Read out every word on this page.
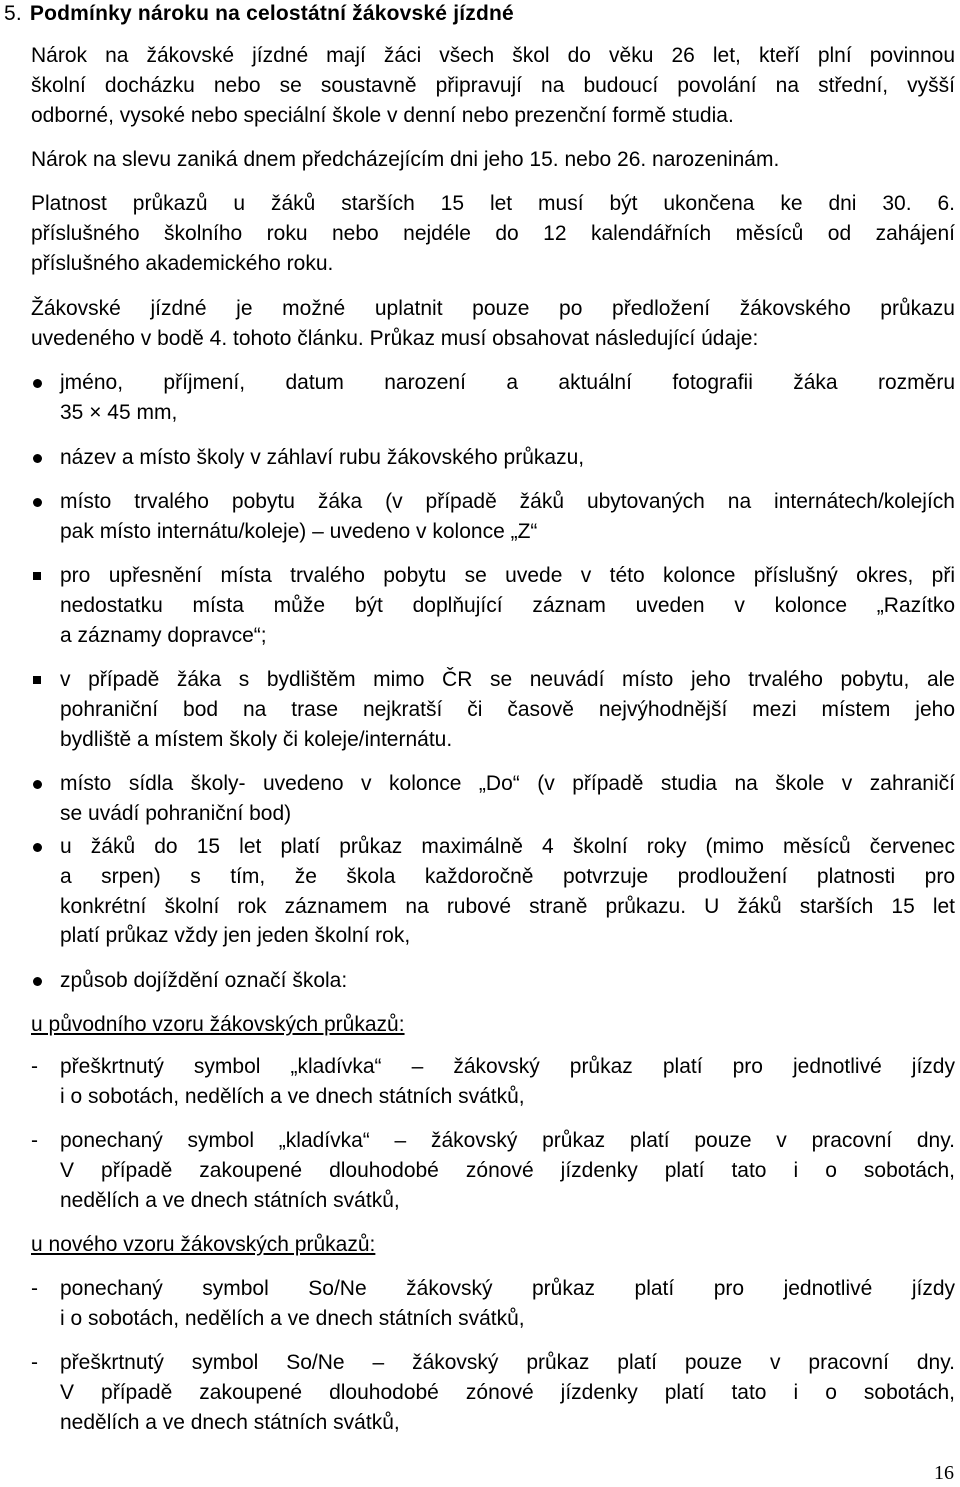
5. Podmínky nároku na celostátní žákovské jízdné
Nárok na žákovské jízdné mají žáci všech škol do věku 26 let, kteří plní povinnou
školní docházku nebo se soustavně připravují na budoucí povolání na střední, vyšší
odborné, vysoké nebo speciální škole v denní nebo prezenční formě studia.
Nárok na slevu zaniká dnem předcházejícím dni jeho 15. nebo 26. narozeninám.
Platnost průkazů u žáků starších 15 let musí být ukončena ke dni 30. 6.
příslušného školního roku nebo nejdéle do 12 kalendářních měsíců od zahájení
příslušného akademického roku.
Žákovské jízdné je možné uplatnit pouze po předložení žákovského průkazu
uvedeného v bodě 4. tohoto článku. Průkaz musí obsahovat následující údaje:
jméno, příjmení, datum narození a aktuální fotografii žáka rozměru
35 × 45 mm,
název a místo školy v záhlaví rubu žákovského průkazu,
místo trvalého pobytu žáka (v případě žáků ubytovaných na internátech/kolejích
pak místo internátu/koleje) – uvedeno v kolonce „Z“
pro upřesnění místa trvalého pobytu se uvede v této kolonce příslušný okres, při
nedostatku místa může být doplňující záznam uveden v kolonce „Razítko
a záznamy dopravce“;
v případě žáka s bydlištěm mimo ČR se neuvádí místo jeho trvalého pobytu, ale
pohraniční bod na trase nejkratší či časově nejvýhodnější mezi místem jeho
bydliště a místem školy či koleje/internátu.
místo sídla školy- uvedeno v kolonce „Do“ (v případě studia na škole v zahraničí
se uvádí pohraniční bod)
u žáků do 15 let platí průkaz maximálně 4 školní roky (mimo měsíců červenec
a srpen) s tím, že škola každoročně potvrzuje prodloužení platnosti pro
konkrétní školní rok záznamem na rubové straně průkazu. U žáků starších 15 let
platí průkaz vždy jen jeden školní rok,
způsob dojíždění označí škola:
u původního vzoru žákovských průkazů:
-	přeškrtnutý symbol „kladívka“ – žákovský průkaz platí pro jednotlivé jízdy
i o sobotách, nedělích a ve dnech státních svátků,
-	ponechaný symbol „kladívka“ – žákovský průkaz platí pouze v pracovní dny.
V případě zakoupené dlouhodobé zónové jízdenky platí tato i o sobotách,
nedělích a ve dnech státních svátků,
u nového vzoru žákovských průkazů:
-	ponechaný symbol So/Ne žákovský průkaz platí pro jednotlivé jízdy
i o sobotách, nedělích a ve dnech státních svátků,
-	přeškrtnutý symbol So/Ne – žákovský průkaz platí pouze v pracovní dny.
V případě zakoupené dlouhodobé zónové jízdenky platí tato i o sobotách,
nedělích a ve dnech státních svátků,
16
